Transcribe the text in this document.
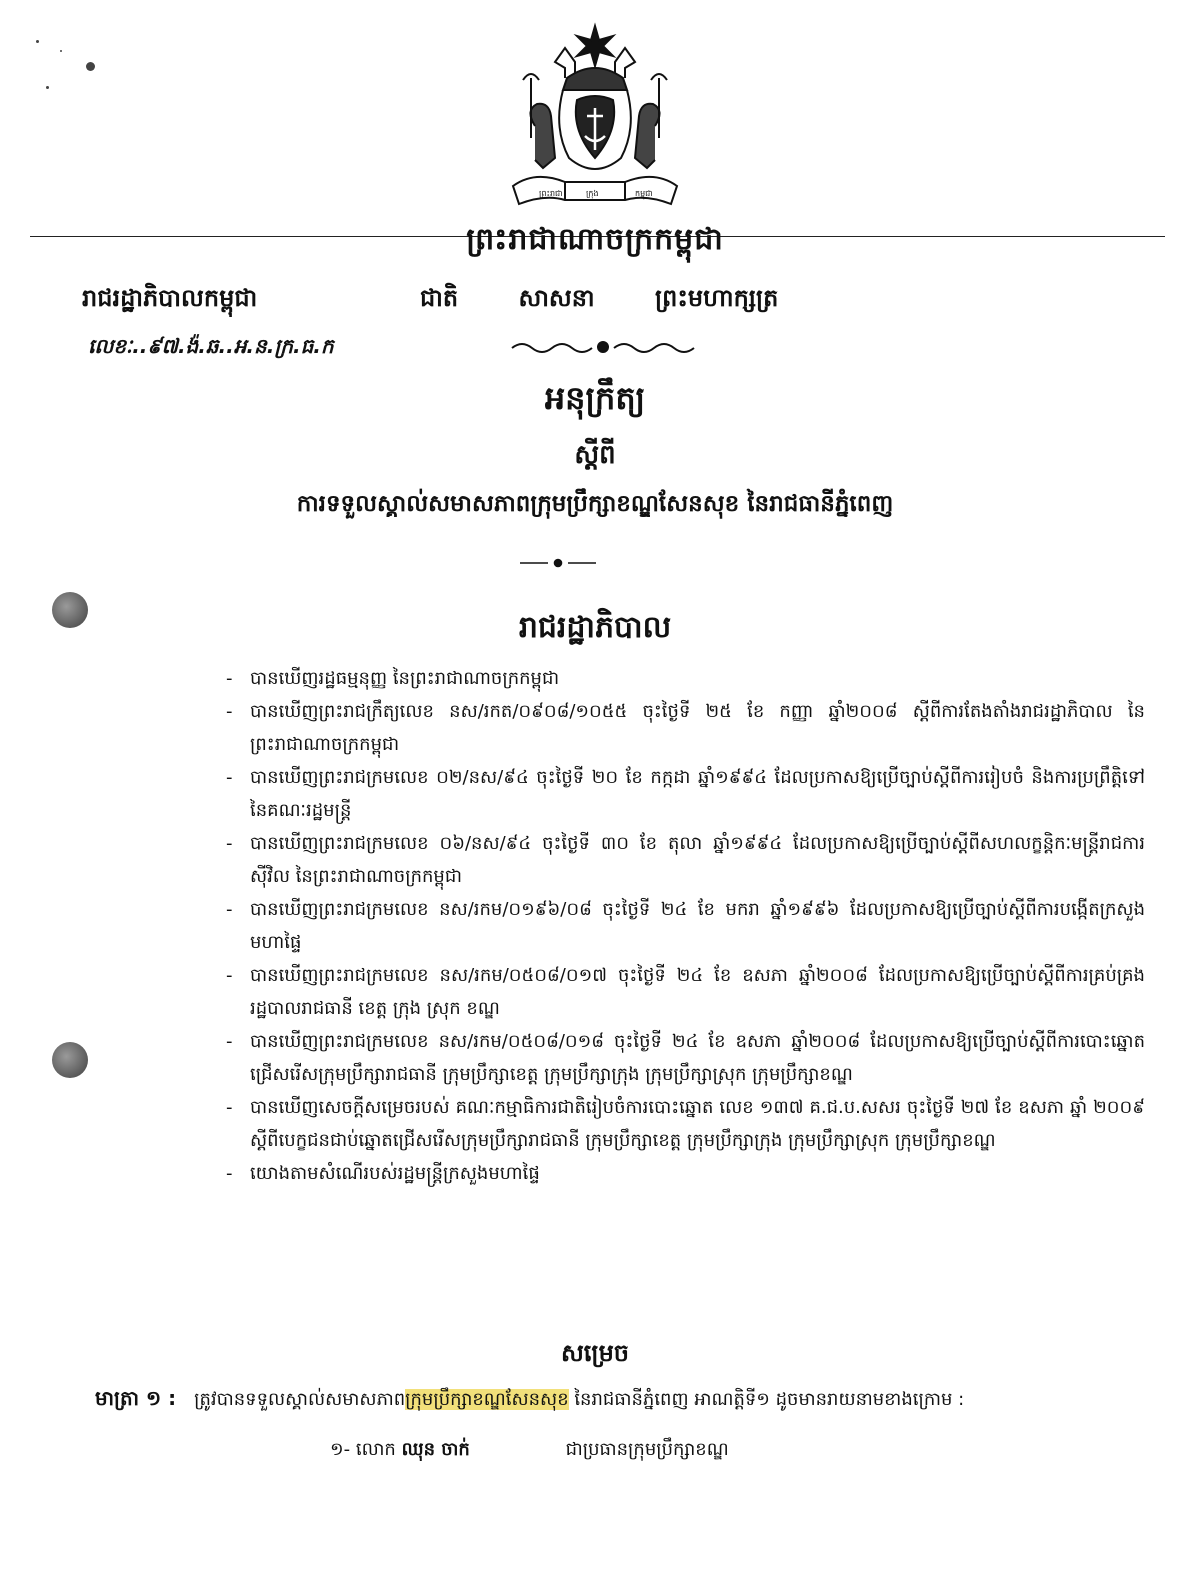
ព្រះរាជា	ក្រុង	កម្ពុជា
ព្រះរាជាណាចក្រកម្ពុជា
រាជរដ្ឋាភិបាលកម្ពុជា	ជាតិ	សាសនា	ព្រះមហាក្សត្រ
លេខៈ..៩៧.ង៉.ឆ..អ.ន.ក្រ.ធ.ក
អនុក្រឹត្យ
ស្ដីពី
ការទទួលស្គាល់សមាសភាពក្រុមប្រឹក្សាខណ្ឌសែនសុខ នៃរាជធានីភ្នំពេញ
រាជរដ្ឋាភិបាល
- បានឃើញរដ្ឋធម្មនុញ្ញ នៃព្រះរាជាណាចក្រកម្ពុជា
- បានឃើញព្រះរាជក្រឹត្យលេខ នស/រកត/០៩០៨/១០៥៥ ចុះថ្ងៃទី ២៥ ខែ កញ្ញា ឆ្នាំ២០០៨ ស្ដីពីការតែងតាំងរាជរដ្ឋាភិបាល នៃព្រះរាជាណាចក្រកម្ពុជា
- បានឃើញព្រះរាជក្រមលេខ ០២/នស/៩៤ ចុះថ្ងៃទី ២០ ខែ កក្កដា ឆ្នាំ១៩៩៤ ដែលប្រកាសឱ្យប្រើច្បាប់ស្ដីពីការរៀបចំ និងការប្រព្រឹត្តិទៅនៃគណៈរដ្ឋមន្ត្រី
- បានឃើញព្រះរាជក្រមលេខ ០៦/នស/៩៤ ចុះថ្ងៃទី ៣០ ខែ តុលា ឆ្នាំ១៩៩៤ ដែលប្រកាសឱ្យប្រើច្បាប់ស្ដីពីសហលក្ខន្តិកៈមន្ត្រីរាជការស៊ីវិល នៃព្រះរាជាណាចក្រកម្ពុជា
- បានឃើញព្រះរាជក្រមលេខ នស/រកម/០១៩៦/០៨ ចុះថ្ងៃទី ២៤ ខែ មករា ឆ្នាំ១៩៩៦ ដែលប្រកាសឱ្យប្រើច្បាប់ស្ដីពីការបង្កើតក្រសួងមហាផ្ទៃ
- បានឃើញព្រះរាជក្រមលេខ នស/រកម/០៥០៨/០១៧ ចុះថ្ងៃទី ២៤ ខែ ឧសភា ឆ្នាំ២០០៨ ដែលប្រកាសឱ្យប្រើច្បាប់ស្ដីពីការគ្រប់គ្រងរដ្ឋបាលរាជធានី ខេត្ត ក្រុង ស្រុក ខណ្ឌ
- បានឃើញព្រះរាជក្រមលេខ នស/រកម/០៥០៨/០១៨ ចុះថ្ងៃទី ២៤ ខែ ឧសភា ឆ្នាំ២០០៨ ដែលប្រកាសឱ្យប្រើច្បាប់ស្ដីពីការបោះឆ្នោតជ្រើសរើសក្រុមប្រឹក្សារាជធានី ក្រុមប្រឹក្សាខេត្ត ក្រុមប្រឹក្សាក្រុង ក្រុមប្រឹក្សាស្រុក ក្រុមប្រឹក្សាខណ្ឌ
- បានឃើញសេចក្ដីសម្រេចរបស់ គណៈកម្មាធិការជាតិរៀបចំការបោះឆ្នោត លេខ ១៣៧ គ.ជ.ប.សសរ ចុះថ្ងៃទី ២៧ ខែ ឧសភា ឆ្នាំ ២០០៩ ស្ដីពីបេក្ខជនជាប់ឆ្នោតជ្រើសរើសក្រុមប្រឹក្សារាជធានី ក្រុមប្រឹក្សាខេត្ត ក្រុមប្រឹក្សាក្រុង ក្រុមប្រឹក្សាស្រុក ក្រុមប្រឹក្សាខណ្ឌ
- យោងតាមសំណើរបស់រដ្ឋមន្ត្រីក្រសួងមហាផ្ទៃ
សម្រេច
មាត្រា ១ : ត្រូវបានទទួលស្គាល់សមាសភាពក្រុមប្រឹក្សាខណ្ឌសែនសុខ នៃរាជធានីភ្នំពេញ អាណត្តិទី១ ដូចមានរាយនាមខាងក្រោម :
១- លោក ឈុន ចាក់	ជាប្រធានក្រុមប្រឹក្សាខណ្ឌ
